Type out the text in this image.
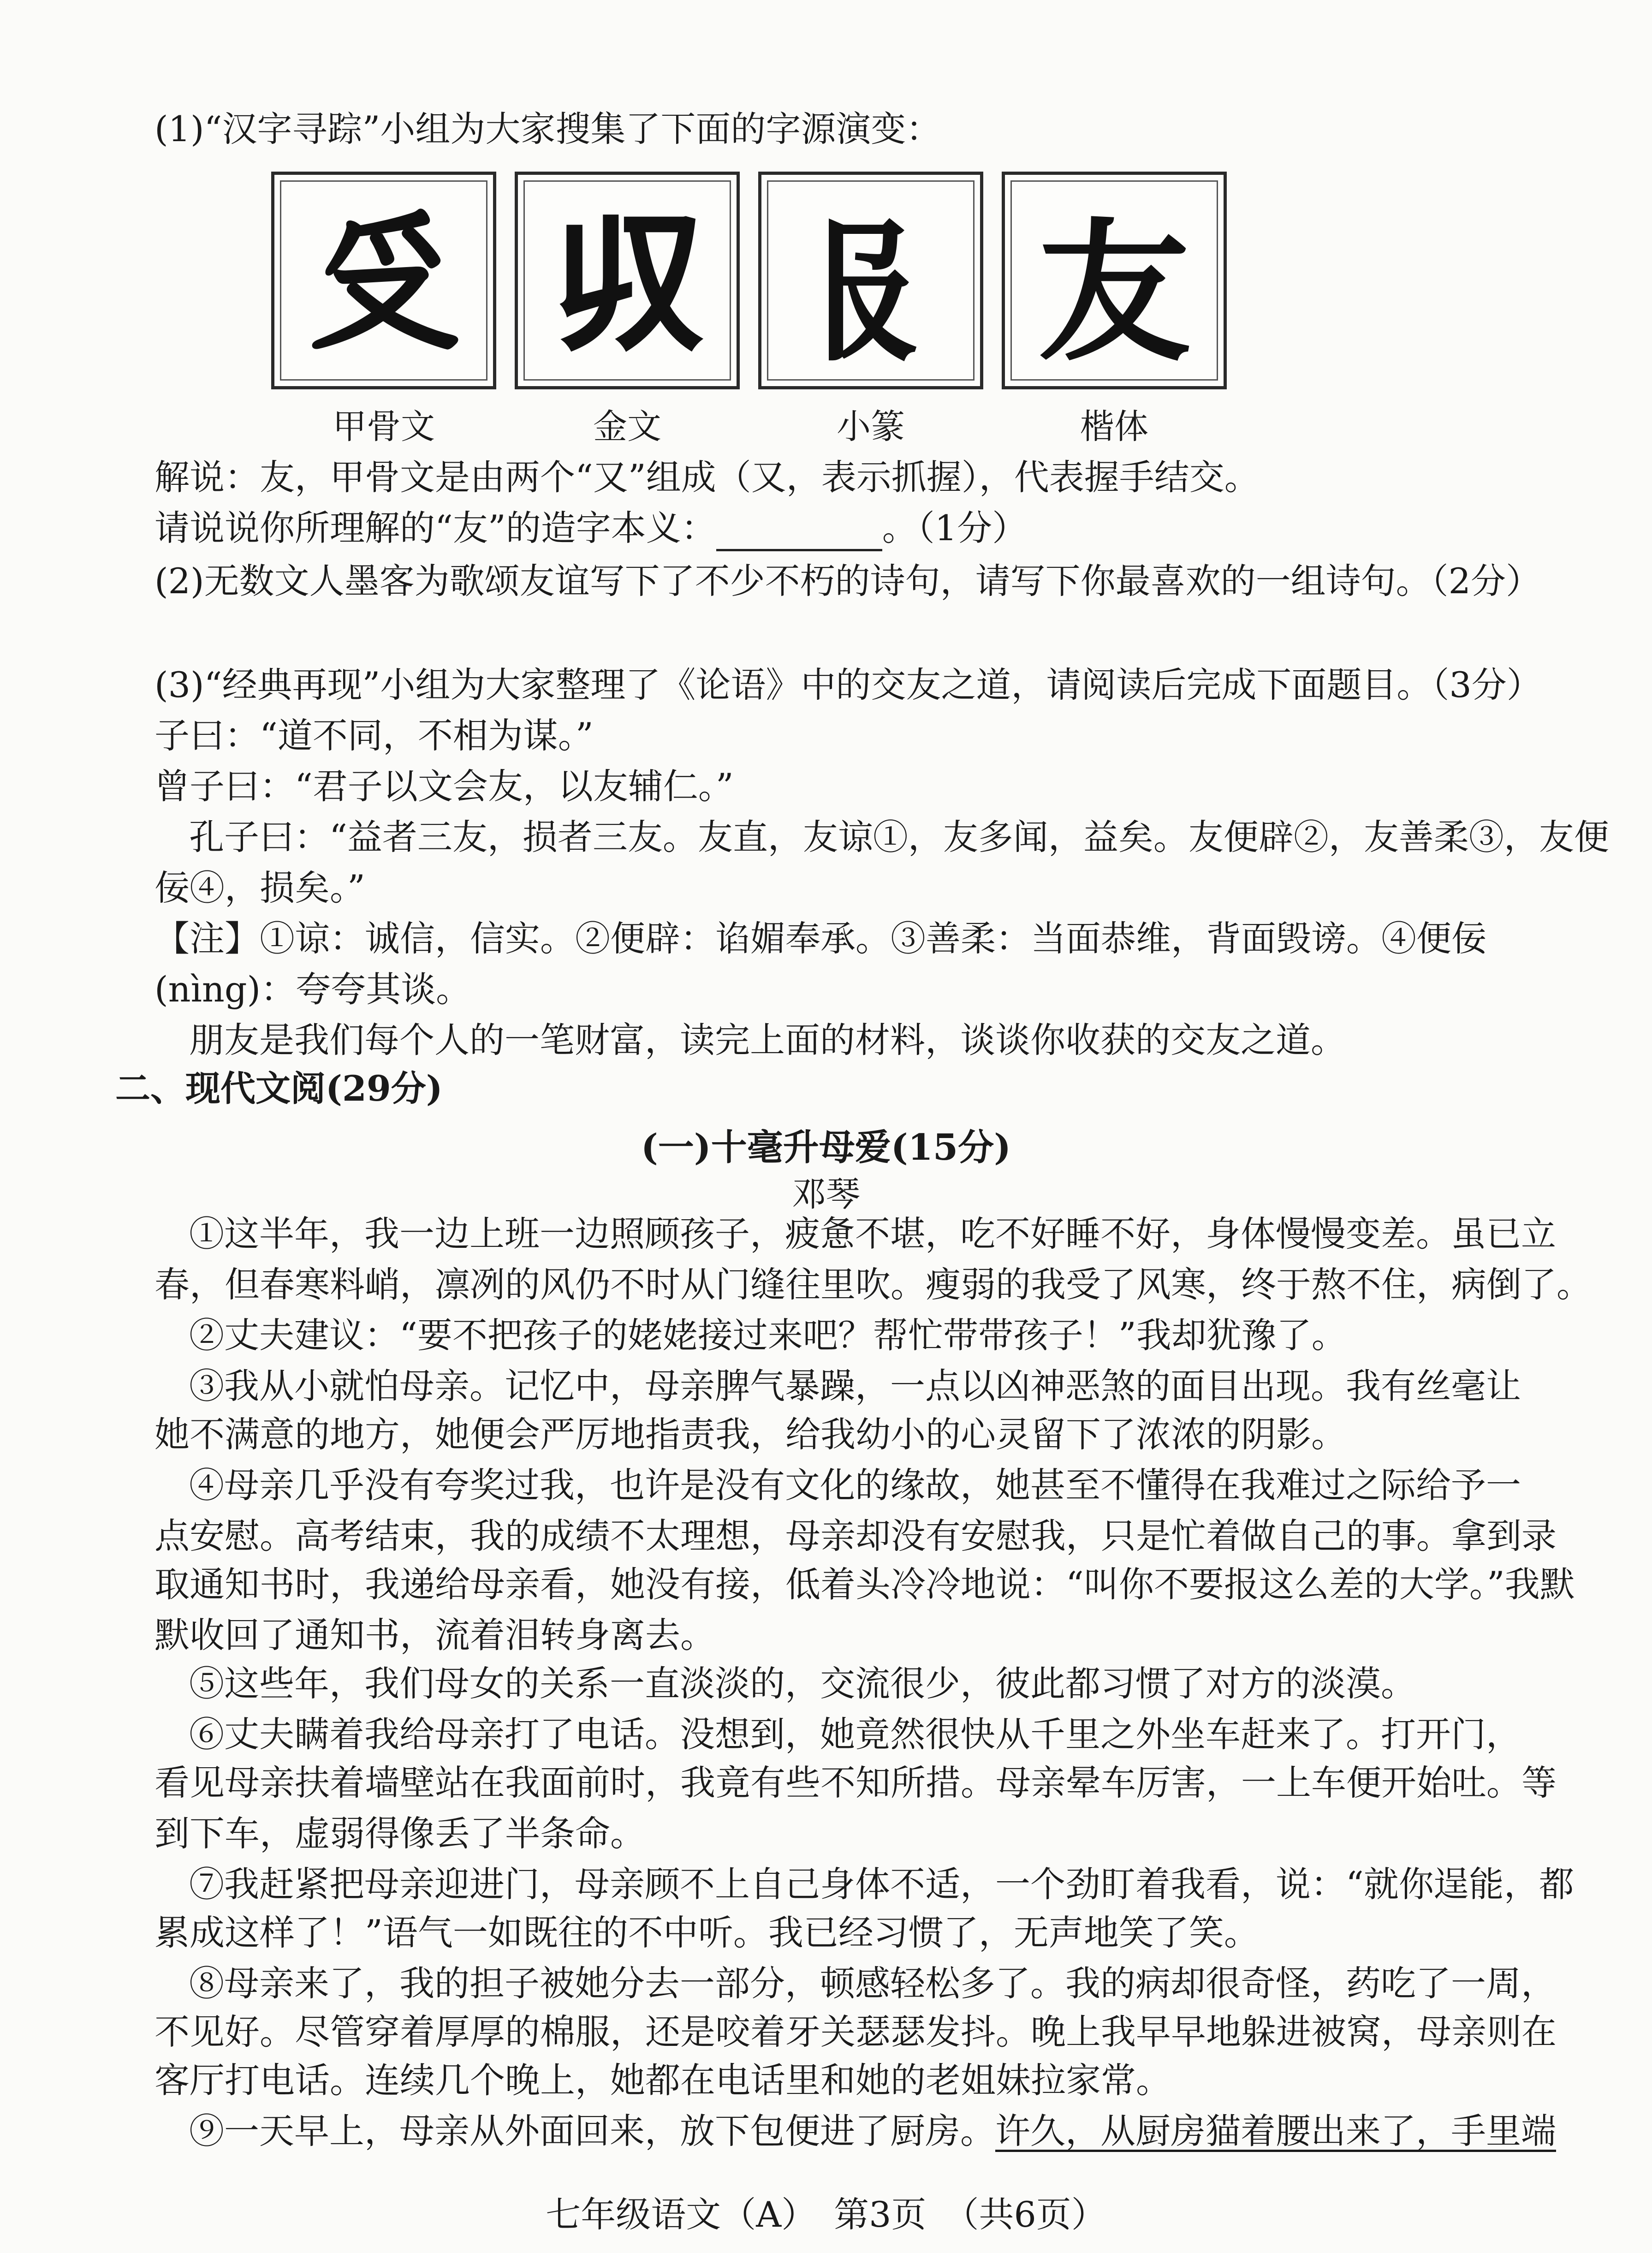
(1)“汉字寻踪”小组为大家搜集了下面的字源演变：
𠬪 𠬞 𠬝 友
甲骨文	金文	小篆	楷体
解说：友，甲骨文是由两个“又”组成（又，表示抓握），代表握手结交。
请说说你所理解的“友”的造字本义：	。（1分）
(2)无数文人墨客为歌颂友谊写下了不少不朽的诗句，请写下你最喜欢的一组诗句。（2分）
(3)“经典再现”小组为大家整理了《论语》中的交友之道，请阅读后完成下面题目。（3分）
子曰：“道不同，不相为谋。”
曾子曰：“君子以文会友，以友辅仁。”
孔子曰：“益者三友，损者三友。友直，友谅①，友多闻，益矣。友便辟②，友善柔③，友便
佞④，损矣。”
【注】①谅：诚信，信实。②便辟：谄媚奉承。③善柔：当面恭维，背面毁谤。④便佞
(nìng)：夸夸其谈。
朋友是我们每个人的一笔财富，读完上面的材料，谈谈你收获的交友之道。
二、现代文阅(29分)
(一)十毫升母爱(15分)
邓琴
①这半年，我一边上班一边照顾孩子，疲惫不堪，吃不好睡不好，身体慢慢变差。虽已立
春，但春寒料峭，凛冽的风仍不时从门缝往里吹。瘦弱的我受了风寒，终于熬不住，病倒了。
②丈夫建议：“要不把孩子的姥姥接过来吧？帮忙带带孩子！”我却犹豫了。
③我从小就怕母亲。记忆中，母亲脾气暴躁，一点以凶神恶煞的面目出现。我有丝毫让
她不满意的地方，她便会严厉地指责我，给我幼小的心灵留下了浓浓的阴影。
④母亲几乎没有夸奖过我，也许是没有文化的缘故，她甚至不懂得在我难过之际给予一
点安慰。高考结束，我的成绩不太理想，母亲却没有安慰我，只是忙着做自己的事。拿到录
取通知书时，我递给母亲看，她没有接，低着头冷冷地说：“叫你不要报这么差的大学。”我默
默收回了通知书，流着泪转身离去。
⑤这些年，我们母女的关系一直淡淡的，交流很少，彼此都习惯了对方的淡漠。
⑥丈夫瞒着我给母亲打了电话。没想到，她竟然很快从千里之外坐车赶来了。打开门，
看见母亲扶着墙壁站在我面前时，我竟有些不知所措。母亲晕车厉害，一上车便开始吐。等
到下车，虚弱得像丢了半条命。
⑦我赶紧把母亲迎进门，母亲顾不上自己身体不适，一个劲盯着我看，说：“就你逞能，都
累成这样了！”语气一如既往的不中听。我已经习惯了，无声地笑了笑。
⑧母亲来了，我的担子被她分去一部分，顿感轻松多了。我的病却很奇怪，药吃了一周，
不见好。尽管穿着厚厚的棉服，还是咬着牙关瑟瑟发抖。晚上我早早地躲进被窝，母亲则在
客厅打电话。连续几个晚上，她都在电话里和她的老姐妹拉家常。
⑨一天早上，母亲从外面回来，放下包便进了厨房。许久，从厨房猫着腰出来了，手里端
七年级语文（A）　第3页　（共6页）
